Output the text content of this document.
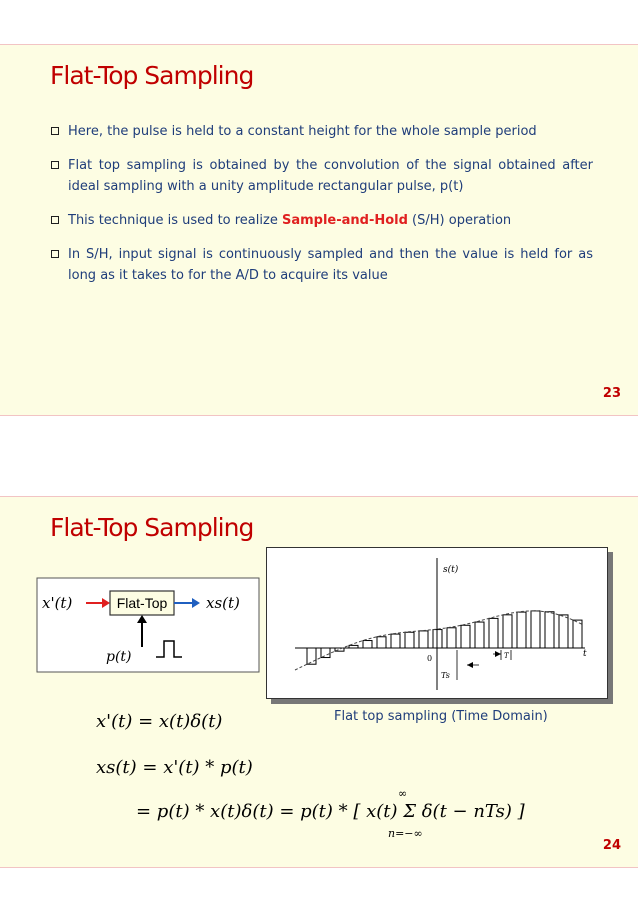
Flat-Top Sampling
Here, the pulse is held to a constant height for the whole sample period
Flat top sampling is obtained by the convolution of the signal obtained after ideal sampling with a unity amplitude rectangular pulse, p(t)
This technique is used to realize Sample-and-Hold (S/H) operation
In S/H, input signal is continuously sampled and then the value is held for as long as it takes to for the A/D to acquire its value
23
Flat-Top Sampling
x'(t)	Flat-Top	xs(t)
p(t)
s(t)
t
0
Ts
T
Flat top sampling (Time Domain)
x'(t) = x(t)δ(t)
xs(t) = x'(t) * p(t)
= p(t) * x(t)δ(t) = p(t) * [ x(t) Σ δ(t − nTs) ]
∞
n=−∞
24
